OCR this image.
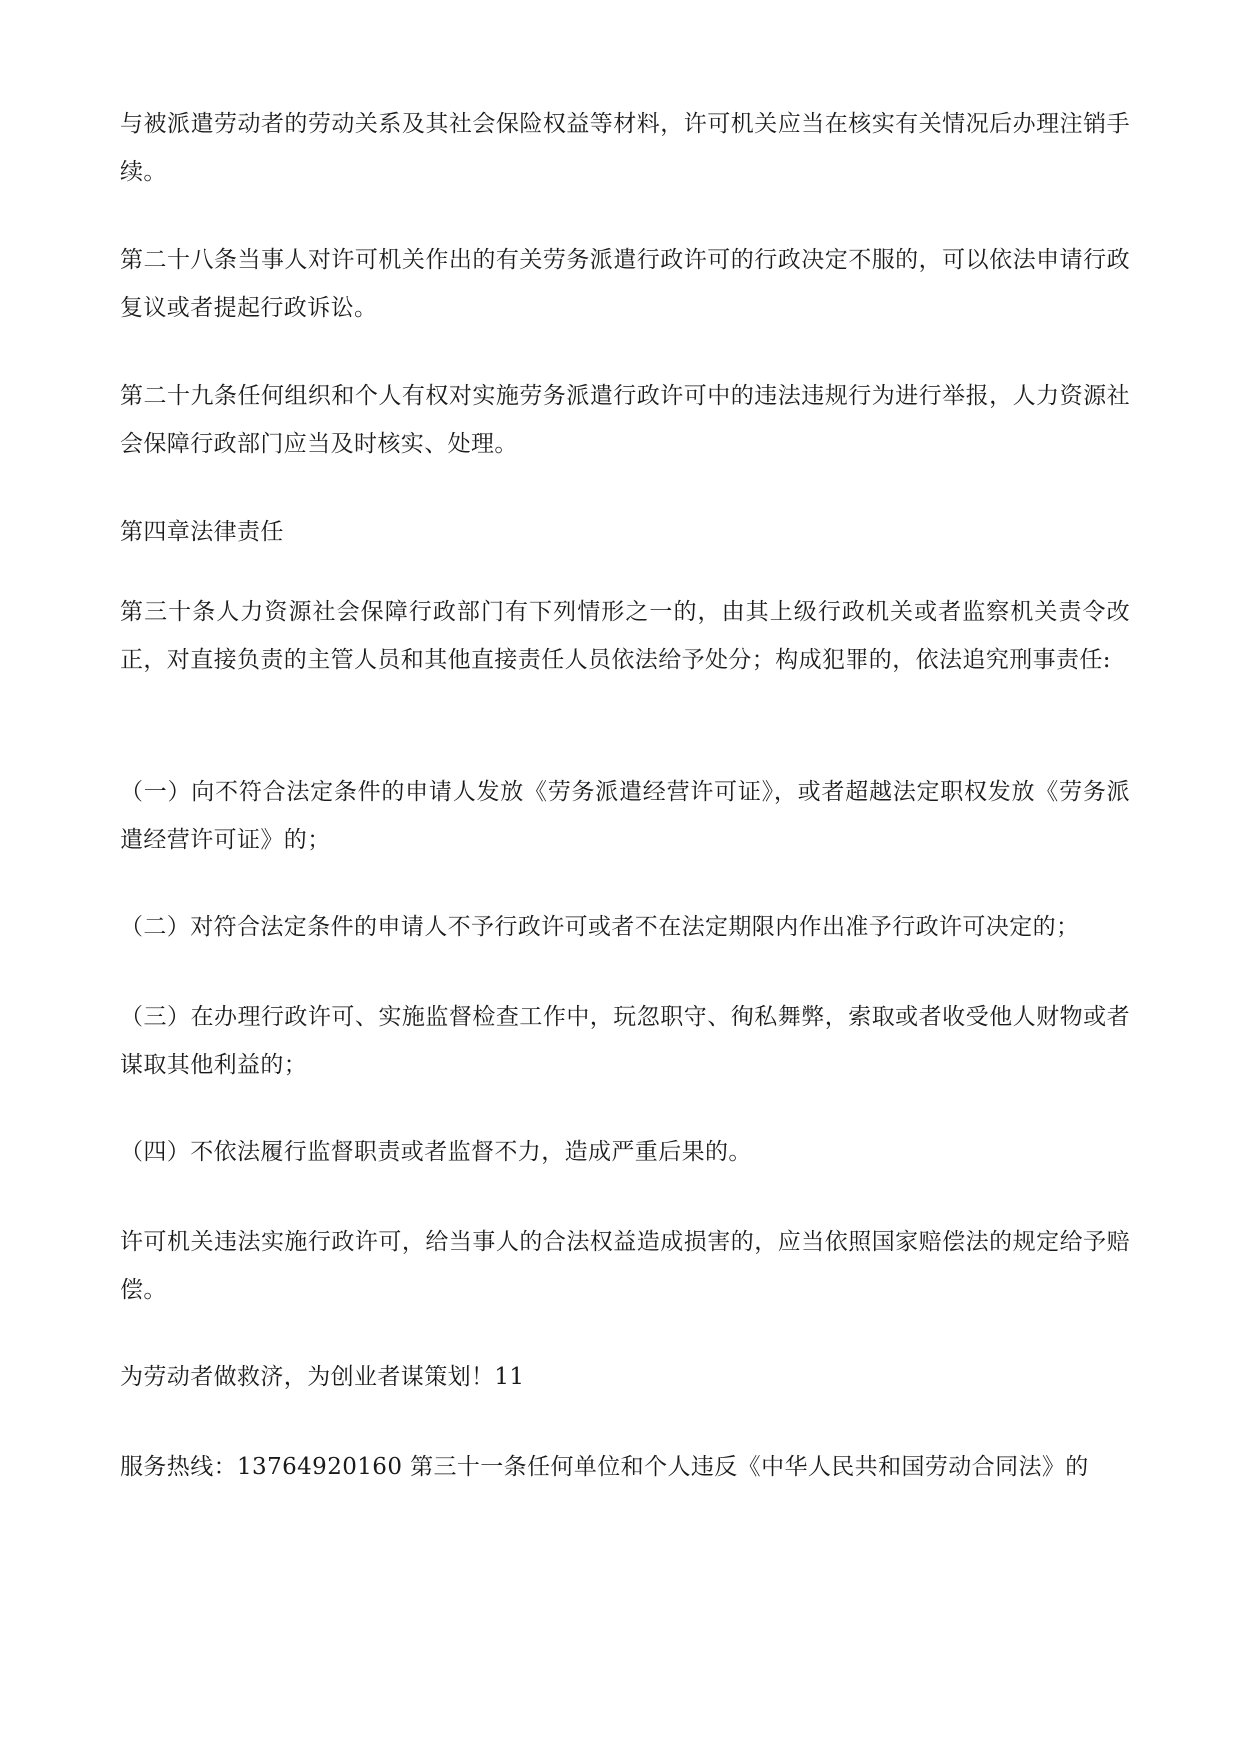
与被派遣劳动者的劳动关系及其社会保险权益等材料，许可机关应当在核实有关情况后办理注销手续。

第二十八条当事人对许可机关作出的有关劳务派遣行政许可的行政决定不服的，可以依法申请行政复议或者提起行政诉讼。

第二十九条任何组织和个人有权对实施劳务派遣行政许可中的违法违规行为进行举报，人力资源社会保障行政部门应当及时核实、处理。

第四章法律责任

第三十条人力资源社会保障行政部门有下列情形之一的，由其上级行政机关或者监察机关责令改正，对直接负责的主管人员和其他直接责任人员依法给予处分；构成犯罪的，依法追究刑事责任:

（一）向不符合法定条件的申请人发放《劳务派遣经营许可证》，或者超越法定职权发放《劳务派遣经营许可证》的；

（二）对符合法定条件的申请人不予行政许可或者不在法定期限内作出准予行政许可决定的；

（三）在办理行政许可、实施监督检查工作中，玩忽职守、徇私舞弊，索取或者收受他人财物或者谋取其他利益的；

（四）不依法履行监督职责或者监督不力，造成严重后果的。

许可机关违法实施行政许可，给当事人的合法权益造成损害的，应当依照国家赔偿法的规定给予赔偿。

为劳动者做救济，为创业者谋策划！11

服务热线：13764920160 第三十一条任何单位和个人违反《中华人民共和国劳动合同法》的
